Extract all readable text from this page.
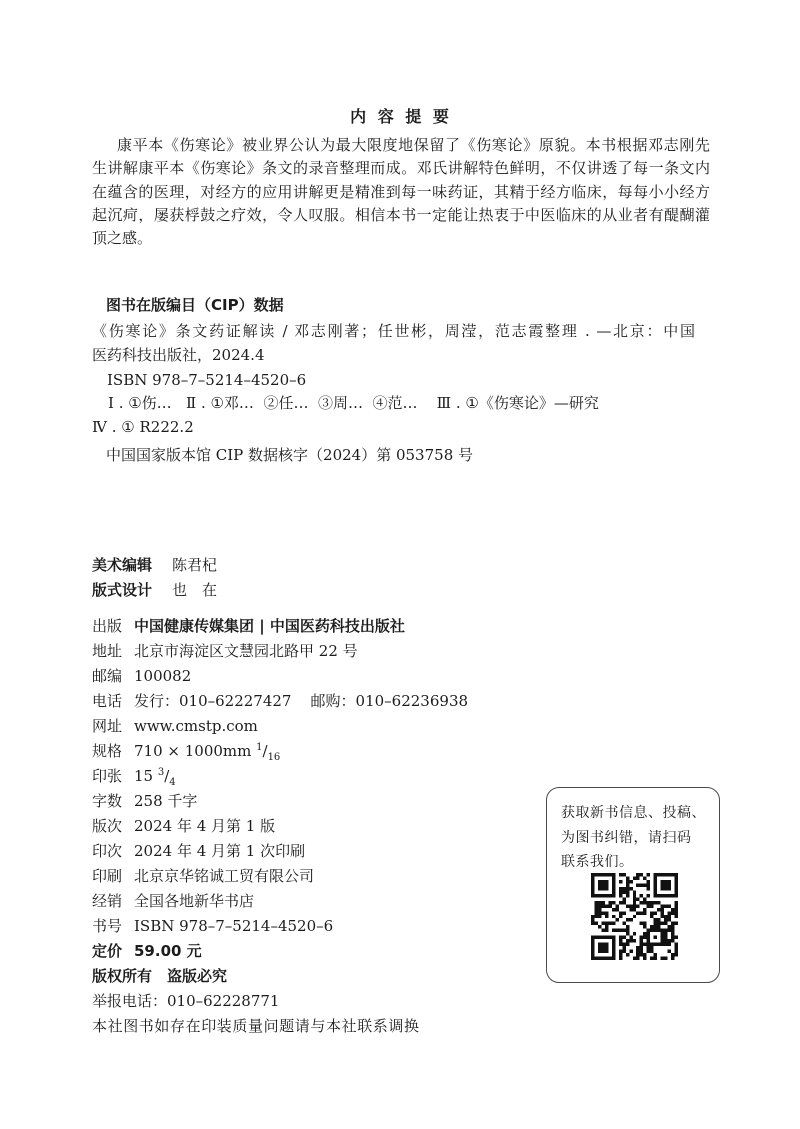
内 容 提 要
康平本《伤寒论》被业界公认为最大限度地保留了《伤寒论》原貌。本书根据邓志刚先
生讲解康平本《伤寒论》条文的录音整理而成。邓氏讲解特色鲜明，不仅讲透了每一条文内
在蕴含的医理，对经方的应用讲解更是精准到每一味药证，其精于经方临床，每每小小经方
起沉疴，屡获桴鼓之疗效，令人叹服。相信本书一定能让热衷于中医临床的从业者有醍醐灌
顶之感。
图书在版编目（CIP）数据
《伤寒论》条文药证解读 / 邓志刚著；任世彬，周滢，范志霞整理 . —北京：中国
医药科技出版社，2024.4
ISBN 978–7–5214–4520–6
Ⅰ . ①伤…   Ⅱ . ①邓…  ②任…  ③周…  ④范…    Ⅲ . ①《伤寒论》—研究
Ⅳ . ① R222.2
中国国家版本馆 CIP 数据核字（2024）第 053758 号
美术编辑	陈君杞
版式设计	也　在
出版 中国健康传媒集团 | 中国医药科技出版社
地址 北京市海淀区文慧园北路甲 22 号
邮编 100082
电话 发行：010–62227427    邮购：010–62236938
网址 www.cmstp.com
规格 710 × 1000mm $^1$/ $_{16}$
印张 15 $^3$/ $_4$
字数 258 千字
版次 2024 年 4 月第 1 版
印次 2024 年 4 月第 1 次印刷
印刷 北京京华铭诚工贸有限公司
经销 全国各地新华书店
书号 ISBN 978–7–5214–4520–6
定价 59.00 元
版权所有　盗版必究
举报电话：010–62228771
本社图书如存在印装质量问题请与本社联系调换
获取新书信息、投稿、
为图书纠错，请扫码
联系我们。
